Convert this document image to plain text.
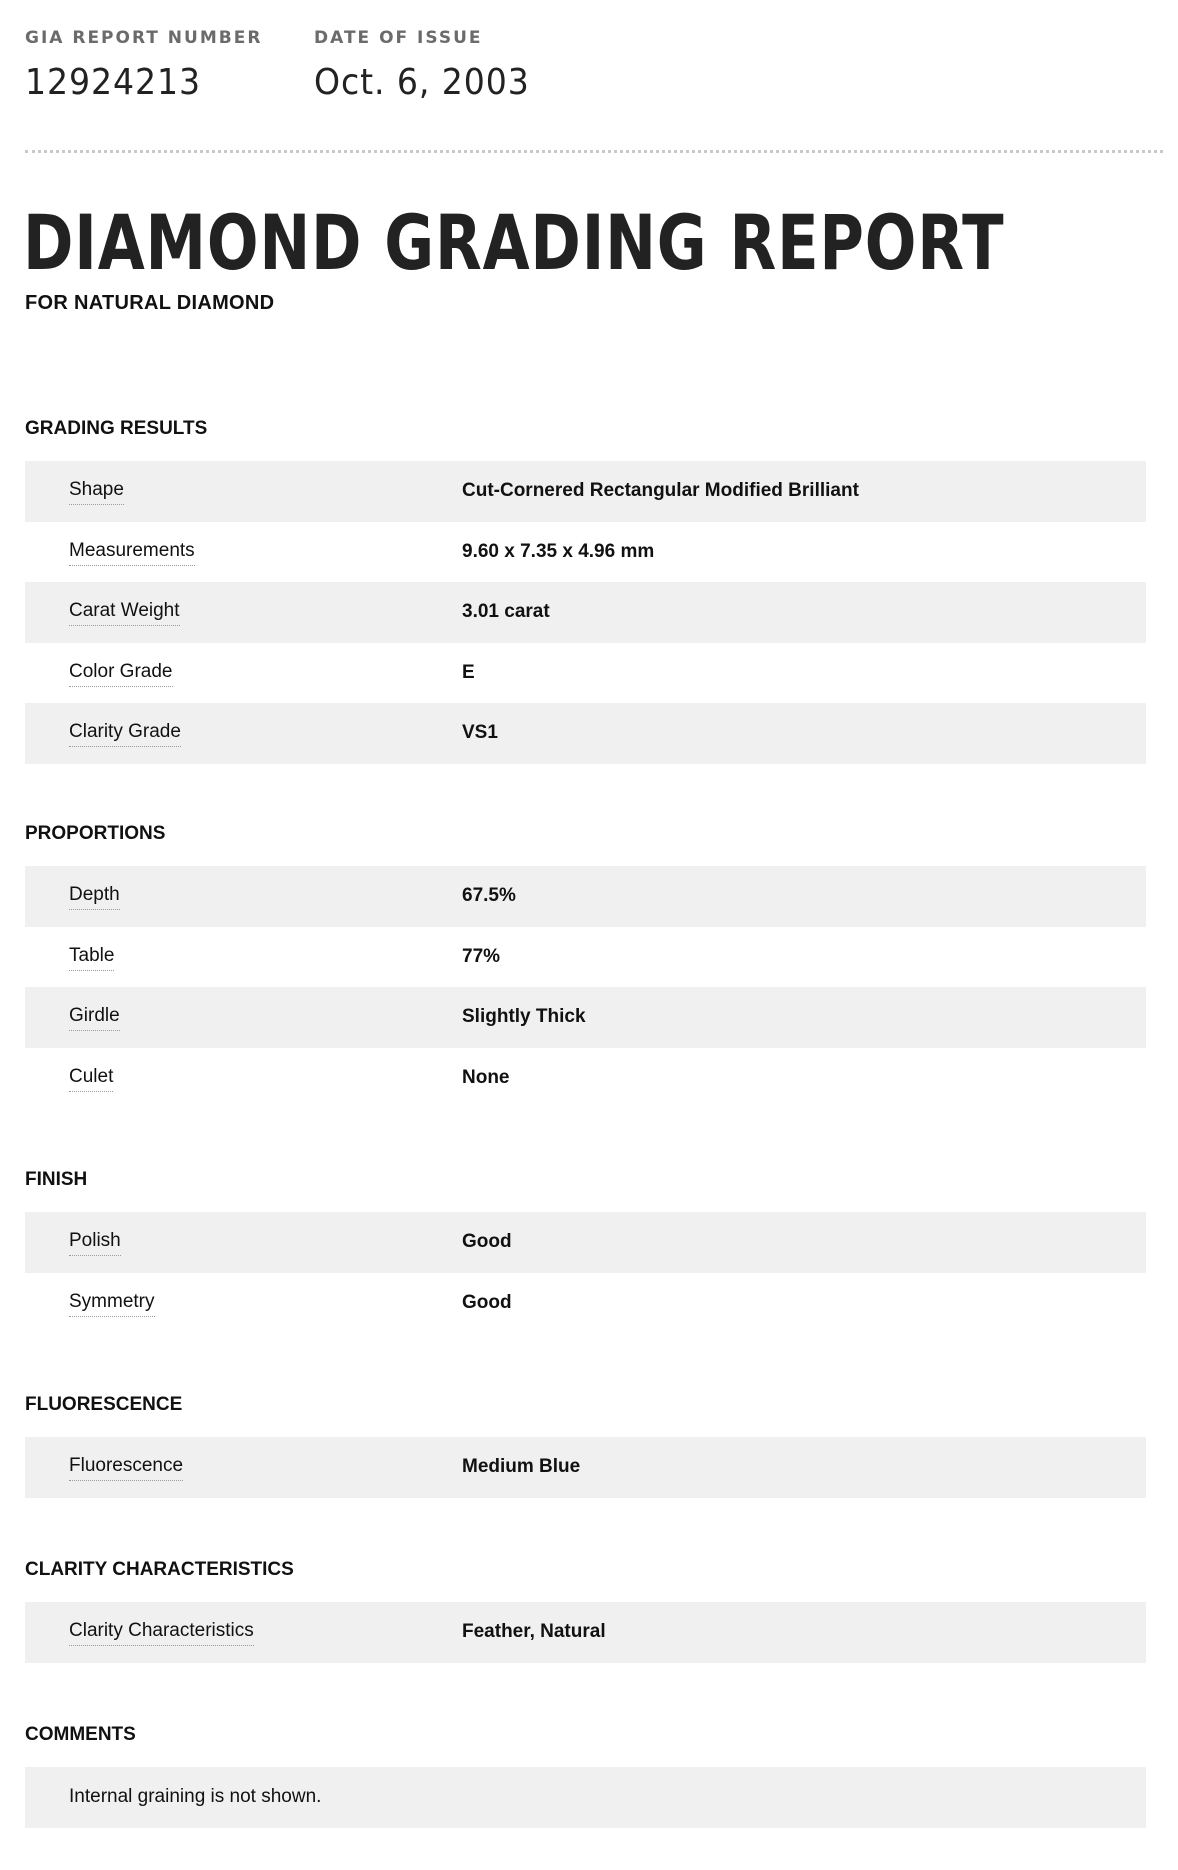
GIA REPORT NUMBER
12924213
DATE OF ISSUE
Oct. 6, 2003
DIAMOND GRADING REPORT
FOR NATURAL DIAMOND
GRADING RESULTS
Shape	Cut-Cornered Rectangular Modified Brilliant
Measurements	9.60 x 7.35 x 4.96 mm
Carat Weight	3.01 carat
Color Grade	E
Clarity Grade	VS1
PROPORTIONS
Depth	67.5%
Table	77%
Girdle	Slightly Thick
Culet	None
FINISH
Polish	Good
Symmetry	Good
FLUORESCENCE
Fluorescence	Medium Blue
CLARITY CHARACTERISTICS
Clarity Characteristics	Feather, Natural
COMMENTS
Internal graining is not shown.
